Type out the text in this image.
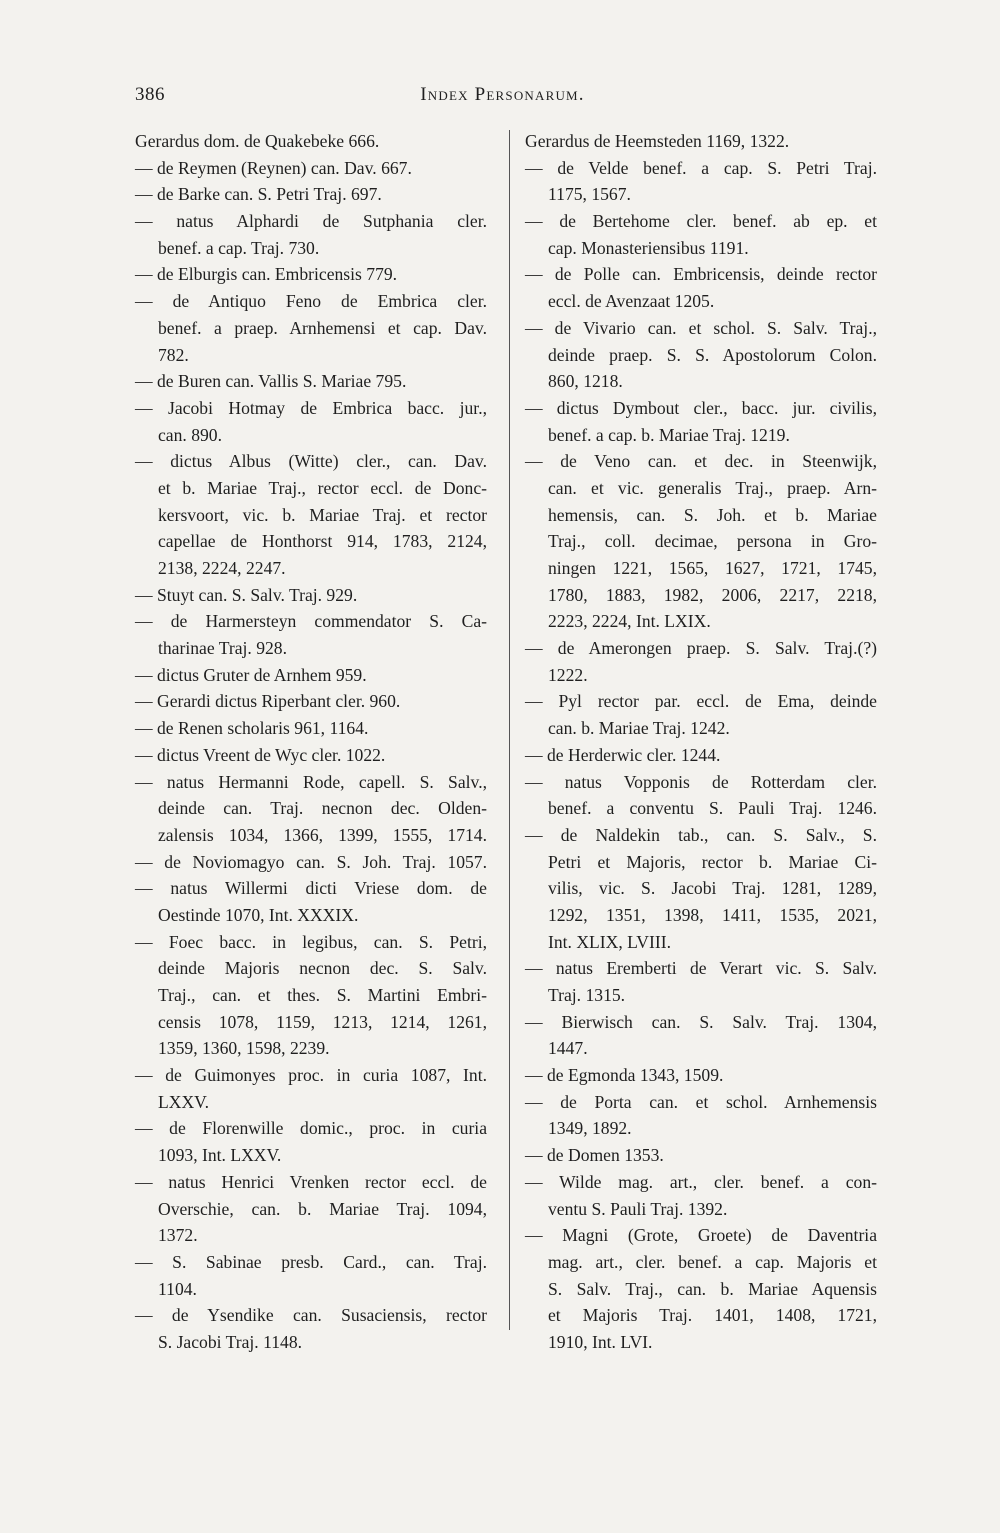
386	Index Personarum.
Gerardus dom. de Quakebeke 666.
— de Reymen (Reynen) can. Dav. 667.
— de Barke can. S. Petri Traj. 697.
— natus Alphardi de Sutphania cler.
benef. a cap. Traj. 730.
— de Elburgis can. Embricensis 779.
— de Antiquo Feno de Embrica cler.
benef. a praep. Arnhemensi et cap. Dav.
782.
— de Buren can. Vallis S. Mariae 795.
— Jacobi Hotmay de Embrica bacc. jur.,
can. 890.
— dictus Albus (Witte) cler., can. Dav.
et b. Mariae Traj., rector eccl. de Donc-
kersvoort, vic. b. Mariae Traj. et rector
capellae de Honthorst 914, 1783, 2124,
2138, 2224, 2247.
— Stuyt can. S. Salv. Traj. 929.
— de Harmersteyn commendator S. Ca-
tharinae Traj. 928.
— dictus Gruter de Arnhem 959.
— Gerardi dictus Riperbant cler. 960.
— de Renen scholaris 961, 1164.
— dictus Vreent de Wyc cler. 1022.
— natus Hermanni Rode, capell. S. Salv.,
deinde can. Traj. necnon dec. Olden-
zalensis 1034, 1366, 1399, 1555, 1714.
— de Noviomagyo can. S. Joh. Traj. 1057.
— natus Willermi dicti Vriese dom. de
Oestinde 1070, Int. XXXIX.
— Foec bacc. in legibus, can. S. Petri,
deinde Majoris necnon dec. S. Salv.
Traj., can. et thes. S. Martini Embri-
censis 1078, 1159, 1213, 1214, 1261,
1359, 1360, 1598, 2239.
— de Guimonyes proc. in curia 1087, Int.
LXXV.
— de Florenwille domic., proc. in curia
1093, Int. LXXV.
— natus Henrici Vrenken rector eccl. de
Overschie, can. b. Mariae Traj. 1094,
1372.
— S. Sabinae presb. Card., can. Traj.
1104.
— de Ysendike can. Susaciensis, rector
S. Jacobi Traj. 1148.
Gerardus de Heemsteden 1169, 1322.
— de Velde benef. a cap. S. Petri Traj.
1175, 1567.
— de Bertehome cler. benef. ab ep. et
cap. Monasteriensibus 1191.
— de Polle can. Embricensis, deinde rector
eccl. de Avenzaat 1205.
— de Vivario can. et schol. S. Salv. Traj.,
deinde praep. S. S. Apostolorum Colon.
860, 1218.
— dictus Dymbout cler., bacc. jur. civilis,
benef. a cap. b. Mariae Traj. 1219.
— de Veno can. et dec. in Steenwijk,
can. et vic. generalis Traj., praep. Arn-
hemensis, can. S. Joh. et b. Mariae
Traj., coll. decimae, persona in Gro-
ningen 1221, 1565, 1627, 1721, 1745,
1780, 1883, 1982, 2006, 2217, 2218,
2223, 2224, Int. LXIX.
— de Amerongen praep. S. Salv. Traj.(?)
1222.
— Pyl rector par. eccl. de Ema, deinde
can. b. Mariae Traj. 1242.
— de Herderwic cler. 1244.
— natus Vopponis de Rotterdam cler.
benef. a conventu S. Pauli Traj. 1246.
— de Naldekin tab., can. S. Salv., S.
Petri et Majoris, rector b. Mariae Ci-
vilis, vic. S. Jacobi Traj. 1281, 1289,
1292, 1351, 1398, 1411, 1535, 2021,
Int. XLIX, LVIII.
— natus Eremberti de Verart vic. S. Salv.
Traj. 1315.
— Bierwisch can. S. Salv. Traj. 1304,
1447.
— de Egmonda 1343, 1509.
— de Porta can. et schol. Arnhemensis
1349, 1892.
— de Domen 1353.
— Wilde mag. art., cler. benef. a con-
ventu S. Pauli Traj. 1392.
— Magni (Grote, Groete) de Daventria
mag. art., cler. benef. a cap. Majoris et
S. Salv. Traj., can. b. Mariae Aquensis
et Majoris Traj. 1401, 1408, 1721,
1910, Int. LVI.
